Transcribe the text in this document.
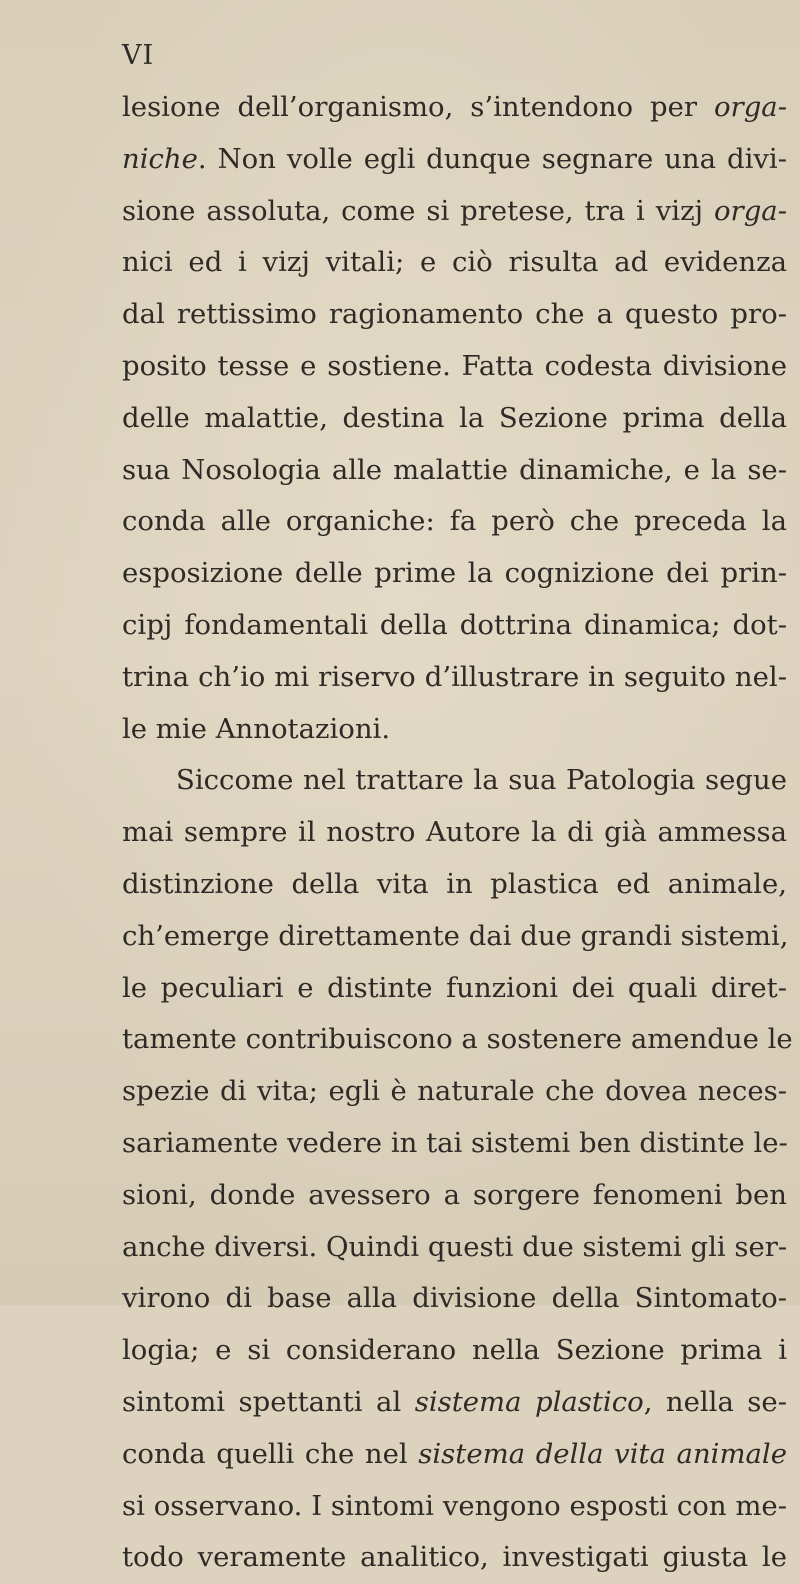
VI
lesione dell’organismo, s’intendono per orga-
niche. Non volle egli dunque segnare una divi-
sione assoluta, come si pretese, tra i vizj orga-
nici ed i vizj vitali; e ciò risulta ad evidenza
dal rettissimo ragionamento che a questo pro-
posito tesse e sostiene. Fatta codesta divisione
delle malattie, destina la Sezione prima della
sua Nosologia alle malattie dinamiche, e la se-
conda alle organiche: fa però che preceda la
esposizione delle prime la cognizione dei prin-
cipj fondamentali della dottrina dinamica; dot-
trina ch’io mi riservo d’illustrare in seguito nel-
le mie Annotazioni.
Siccome nel trattare la sua Patologia segue
mai sempre il nostro Autore la di già ammessa
distinzione della vita in plastica ed animale,
ch’emerge direttamente dai due grandi sistemi,
le peculiari e distinte funzioni dei quali diret-
tamente contribuiscono a sostenere amendue le
spezie di vita; egli è naturale che dovea neces-
sariamente vedere in tai sistemi ben distinte le-
sioni, donde avessero a sorgere fenomeni ben
anche diversi. Quindi questi due sistemi gli ser-
virono di base alla divisione della Sintomato-
logia; e si considerano nella Sezione prima i
sintomi spettanti al sistema plastico, nella se-
conda quelli che nel sistema della vita animale
si osservano. I sintomi vengono esposti con me-
todo veramente analitico, investigati giusta le
